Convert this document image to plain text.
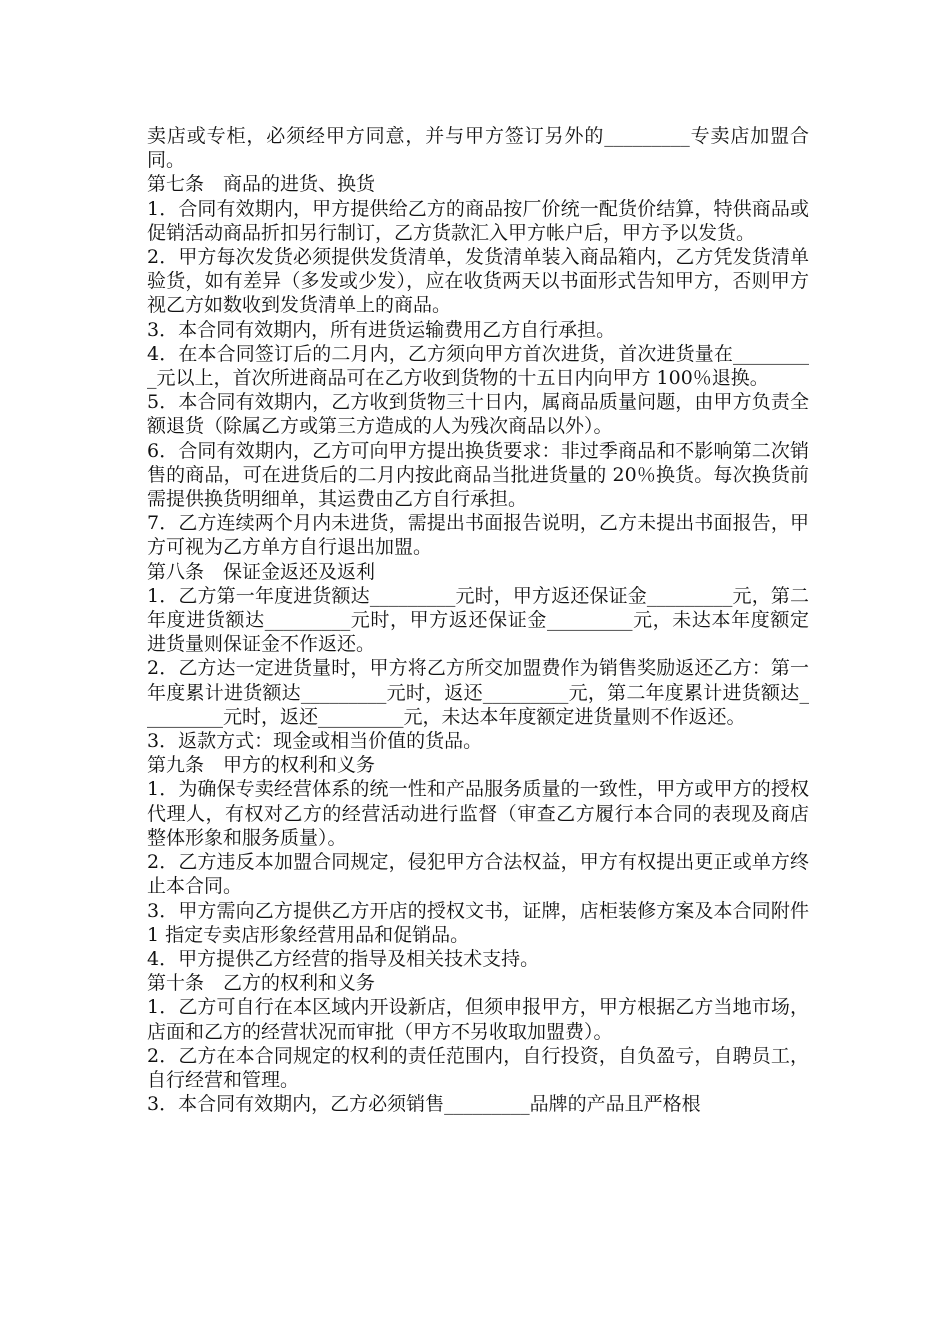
卖店或专柜，必须经甲方同意，并与甲方签订另外的_________专卖店加盟合同。

第七条　商品的进货、换货

1．合同有效期内，甲方提供给乙方的商品按厂价统一配货价结算，特供商品或促销活动商品折扣另行制订，乙方货款汇入甲方帐户后，甲方予以发货。

2．甲方每次发货必须提供发货清单，发货清单装入商品箱内，乙方凭发货清单验货，如有差异（多发或少发），应在收货两天以书面形式告知甲方，否则甲方视乙方如数收到发货清单上的商品。

3．本合同有效期内，所有进货运输费用乙方自行承担。

4．在本合同签订后的二月内，乙方须向甲方首次进货，首次进货量在_________元以上，首次所进商品可在乙方收到货物的十五日内向甲方 100％退换。

5．本合同有效期内，乙方收到货物三十日内，属商品质量问题，由甲方负责全额退货（除属乙方或第三方造成的人为残次商品以外）。

6．合同有效期内，乙方可向甲方提出换货要求：非过季商品和不影响第二次销售的商品，可在进货后的二月内按此商品当批进货量的 20％换货。每次换货前需提供换货明细单，其运费由乙方自行承担。

7．乙方连续两个月内未进货，需提出书面报告说明，乙方未提出书面报告，甲方可视为乙方单方自行退出加盟。

第八条　保证金返还及返利

1．乙方第一年度进货额达_________元时，甲方返还保证金_________元，第二年度进货额达_________元时，甲方返还保证金_________元，未达本年度额定进货量则保证金不作返还。

2．乙方达一定进货量时，甲方将乙方所交加盟费作为销售奖励返还乙方：第一年度累计进货额达_________元时，返还_________元，第二年度累计进货额达_________元时，返还_________元，未达本年度额定进货量则不作返还。

3．返款方式：现金或相当价值的货品。

第九条　甲方的权利和义务

1．为确保专卖经营体系的统一性和产品服务质量的一致性，甲方或甲方的授权代理人，有权对乙方的经营活动进行监督（审查乙方履行本合同的表现及商店整体形象和服务质量）。

2．乙方违反本加盟合同规定，侵犯甲方合法权益，甲方有权提出更正或单方终止本合同。

3．甲方需向乙方提供乙方开店的授权文书，证牌，店柜装修方案及本合同附件 1 指定专卖店形象经营用品和促销品。

4．甲方提供乙方经营的指导及相关技术支持。

第十条　乙方的权利和义务

1．乙方可自行在本区域内开设新店，但须申报甲方，甲方根据乙方当地市场，店面和乙方的经营状况而审批（甲方不另收取加盟费）。

2．乙方在本合同规定的权利的责任范围内，自行投资，自负盈亏，自聘员工，自行经营和管理。

3．本合同有效期内，乙方必须销售_________品牌的产品且严格根
